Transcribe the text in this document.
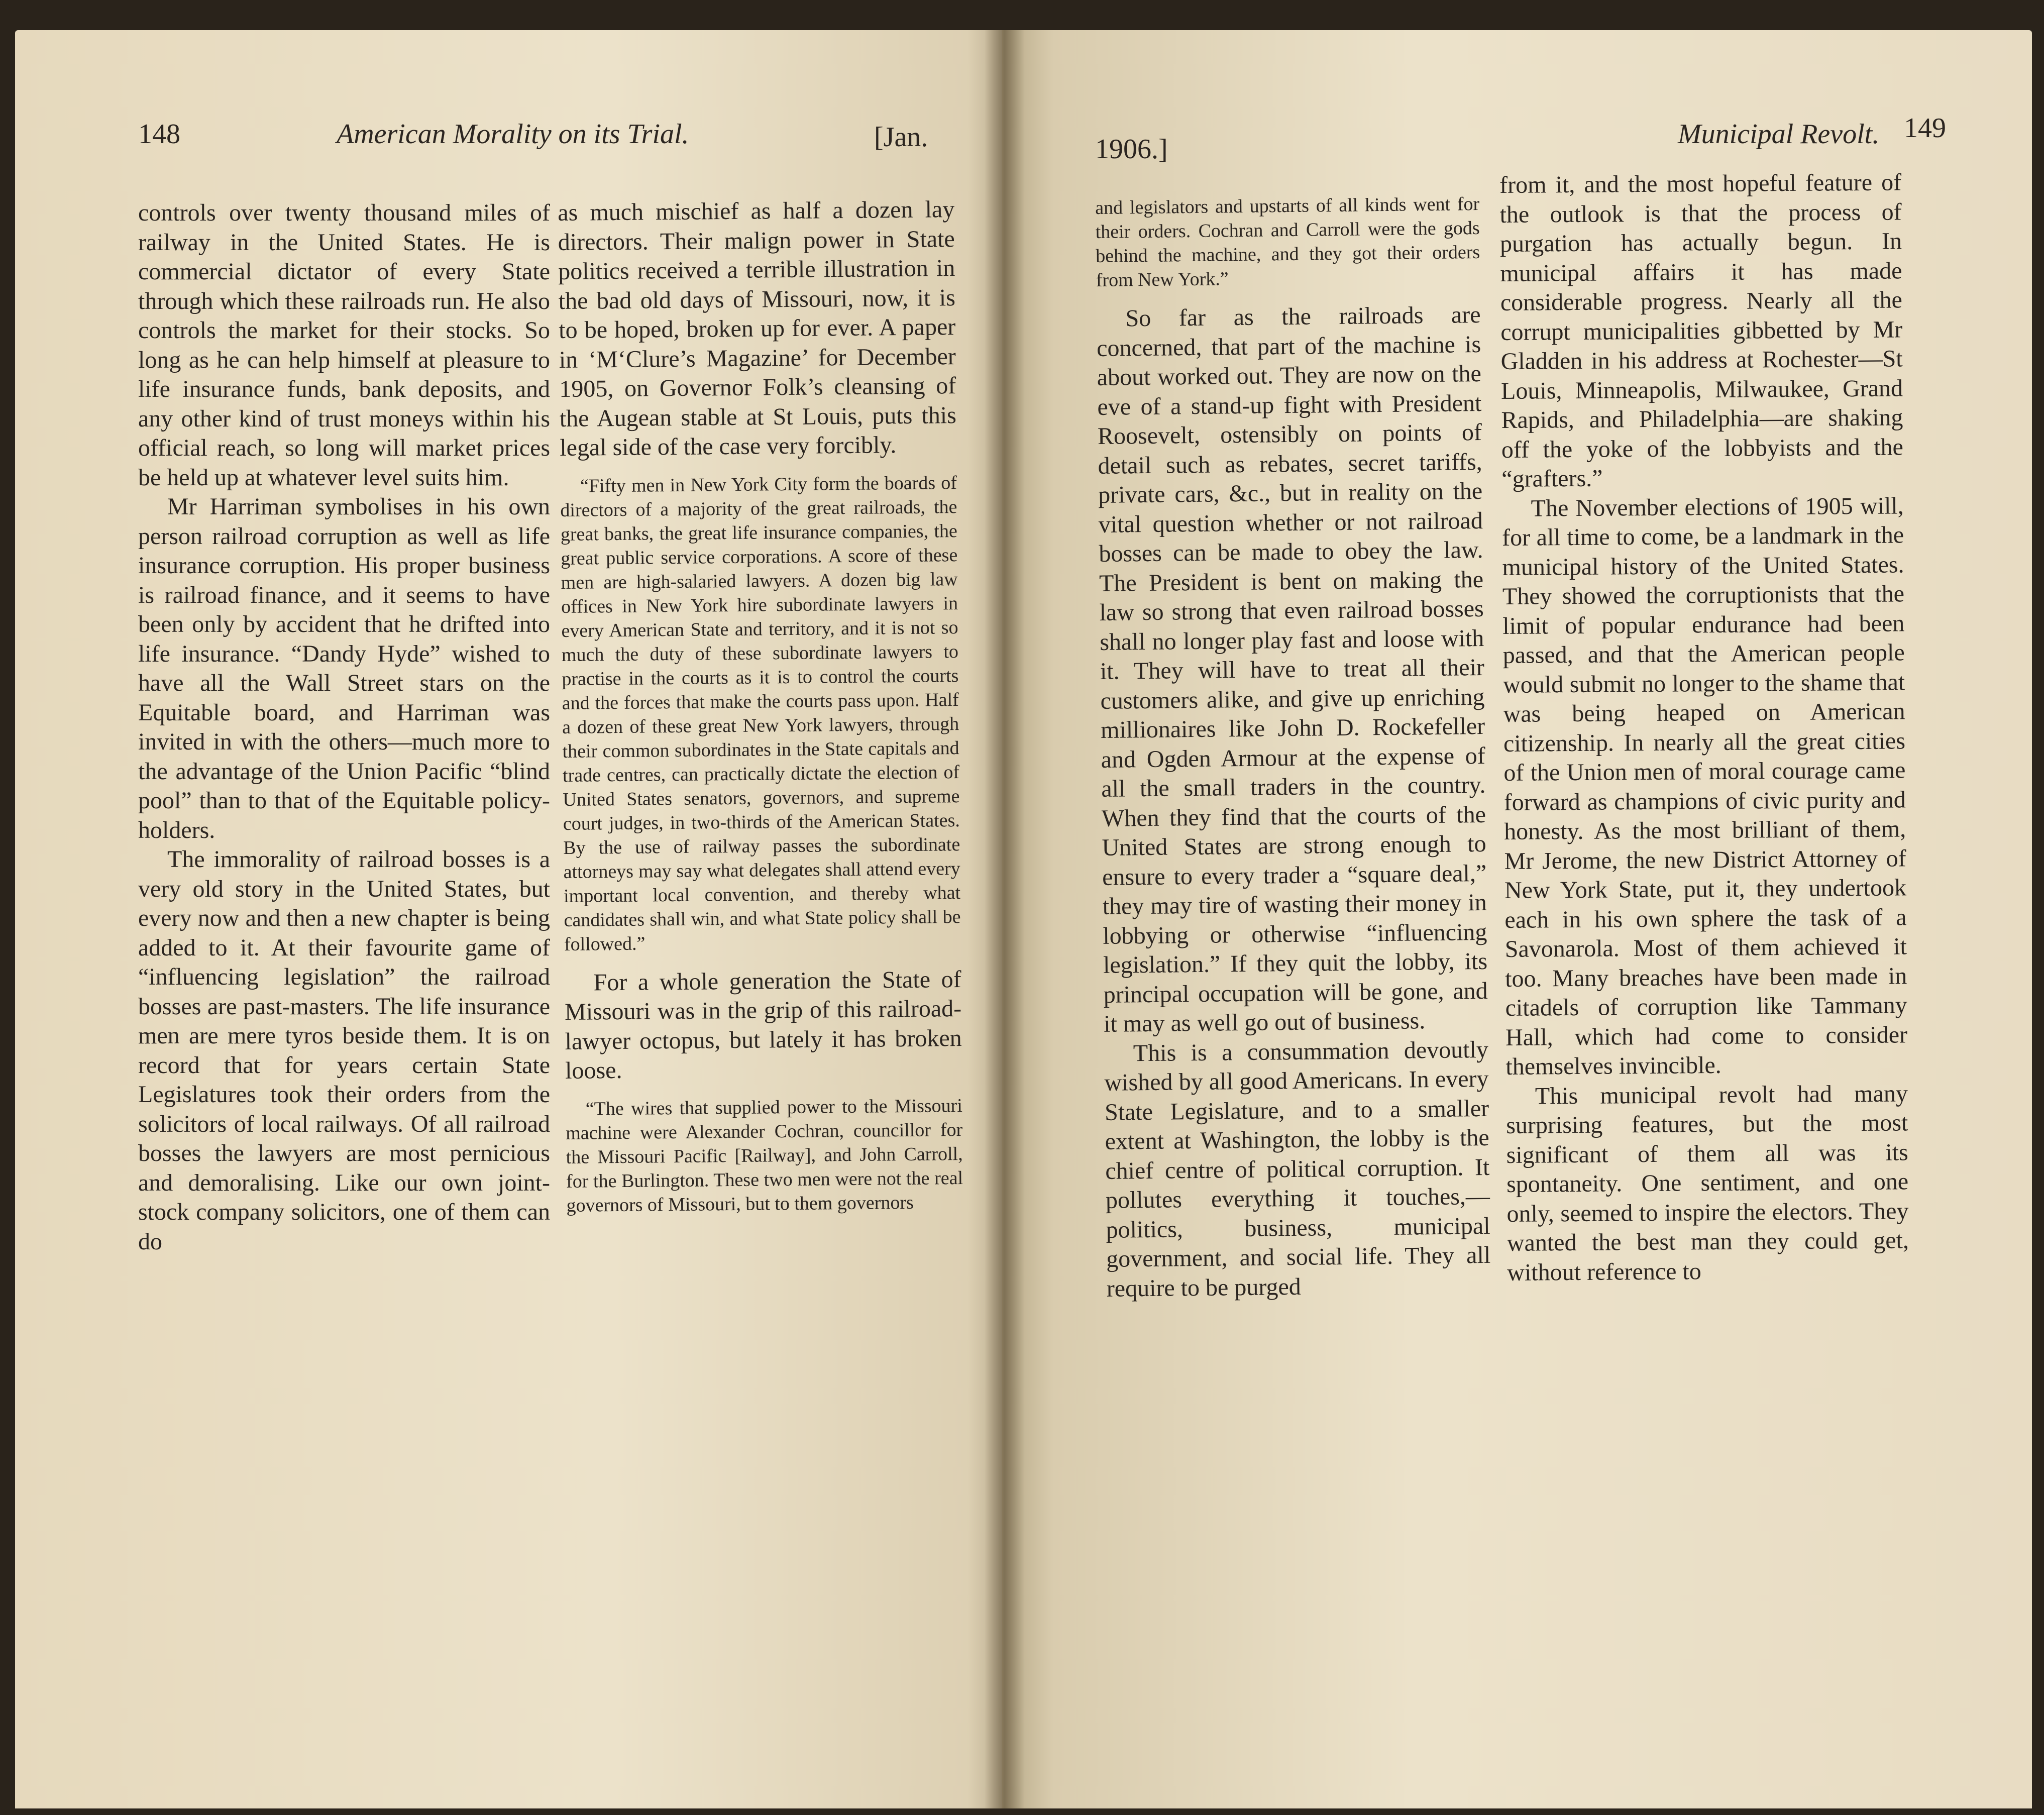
148	American Morality on its Trial.	[Jan.

controls over twenty thousand miles of railway in the United States. He is commercial dictator of every State through which these railroads run. He also controls the market for their stocks. So long as he can help himself at pleasure to life insurance funds, bank deposits, and any other kind of trust moneys within his official reach, so long will market prices be held up at whatever level suits him.

Mr Harriman symbolises in his own person railroad corruption as well as life insurance corruption. His proper business is railroad finance, and it seems to have been only by accident that he drifted into life insurance. “Dandy Hyde” wished to have all the Wall Street stars on the Equitable board, and Harriman was invited in with the others—much more to the advantage of the Union Pacific “blind pool” than to that of the Equitable policy-holders.

The immorality of railroad bosses is a very old story in the United States, but every now and then a new chapter is being added to it. At their favourite game of “influencing legislation” the railroad bosses are past-masters. The life insurance men are mere tyros beside them. It is on record that for years certain State Legislatures took their orders from the solicitors of local railways. Of all railroad bosses the lawyers are most pernicious and demoralising. Like our own joint-stock company solicitors, one of them can do

as much mischief as half a dozen lay directors. Their malign power in State politics received a terrible illustration in the bad old days of Missouri, now, it is to be hoped, broken up for ever. A paper in ‘M‘Clure’s Magazine’ for December 1905, on Governor Folk’s cleansing of the Augean stable at St Louis, puts this legal side of the case very forcibly.

“Fifty men in New York City form the boards of directors of a majority of the great railroads, the great banks, the great life insurance companies, the great public service corporations. A score of these men are high-salaried lawyers. A dozen big law offices in New York hire subordinate lawyers in every American State and territory, and it is not so much the duty of these subordinate lawyers to practise in the courts as it is to control the courts and the forces that make the courts pass upon. Half a dozen of these great New York lawyers, through their common subordinates in the State capitals and trade centres, can practically dictate the election of United States senators, governors, and supreme court judges, in two-thirds of the American States. By the use of railway passes the subordinate attorneys may say what delegates shall attend every important local convention, and thereby what candidates shall win, and what State policy shall be followed.”

For a whole generation the State of Missouri was in the grip of this railroad-lawyer octopus, but lately it has broken loose.

“The wires that supplied power to the Missouri machine were Alexander Cochran, councillor for the Missouri Pacific [Railway], and John Carroll, for the Burlington. These two men were not the real governors of Missouri, but to them governors

1906.]	Municipal Revolt. 149

and legislators and upstarts of all kinds went for their orders. Cochran and Carroll were the gods behind the machine, and they got their orders from New York.”

So far as the railroads are concerned, that part of the machine is about worked out. They are now on the eve of a stand-up fight with President Roosevelt, ostensibly on points of detail such as rebates, secret tariffs, private cars, &c., but in reality on the vital question whether or not railroad bosses can be made to obey the law. The President is bent on making the law so strong that even railroad bosses shall no longer play fast and loose with it. They will have to treat all their customers alike, and give up enriching millionaires like John D. Rockefeller and Ogden Armour at the expense of all the small traders in the country. When they find that the courts of the United States are strong enough to ensure to every trader a “square deal,” they may tire of wasting their money in lobbying or otherwise “influencing legislation.” If they quit the lobby, its principal occupation will be gone, and it may as well go out of business.

This is a consummation devoutly wished by all good Americans. In every State Legislature, and to a smaller extent at Washington, the lobby is the chief centre of political corruption. It pollutes everything it touches,—politics, business, municipal government, and social life. They all require to be purged

from it, and the most hopeful feature of the outlook is that the process of purgation has actually begun. In municipal affairs it has made considerable progress. Nearly all the corrupt municipalities gibbetted by Mr Gladden in his address at Rochester—St Louis, Minneapolis, Milwaukee, Grand Rapids, and Philadelphia—are shaking off the yoke of the lobbyists and the “grafters.”

The November elections of 1905 will, for all time to come, be a landmark in the municipal history of the United States. They showed the corruptionists that the limit of popular endurance had been passed, and that the American people would submit no longer to the shame that was being heaped on American citizenship. In nearly all the great cities of the Union men of moral courage came forward as champions of civic purity and honesty. As the most brilliant of them, Mr Jerome, the new District Attorney of New York State, put it, they undertook each in his own sphere the task of a Savonarola. Most of them achieved it too. Many breaches have been made in citadels of corruption like Tammany Hall, which had come to consider themselves invincible.

This municipal revolt had many surprising features, but the most significant of them all was its spontaneity. One sentiment, and one only, seemed to inspire the electors. They wanted the best man they could get, without reference to
